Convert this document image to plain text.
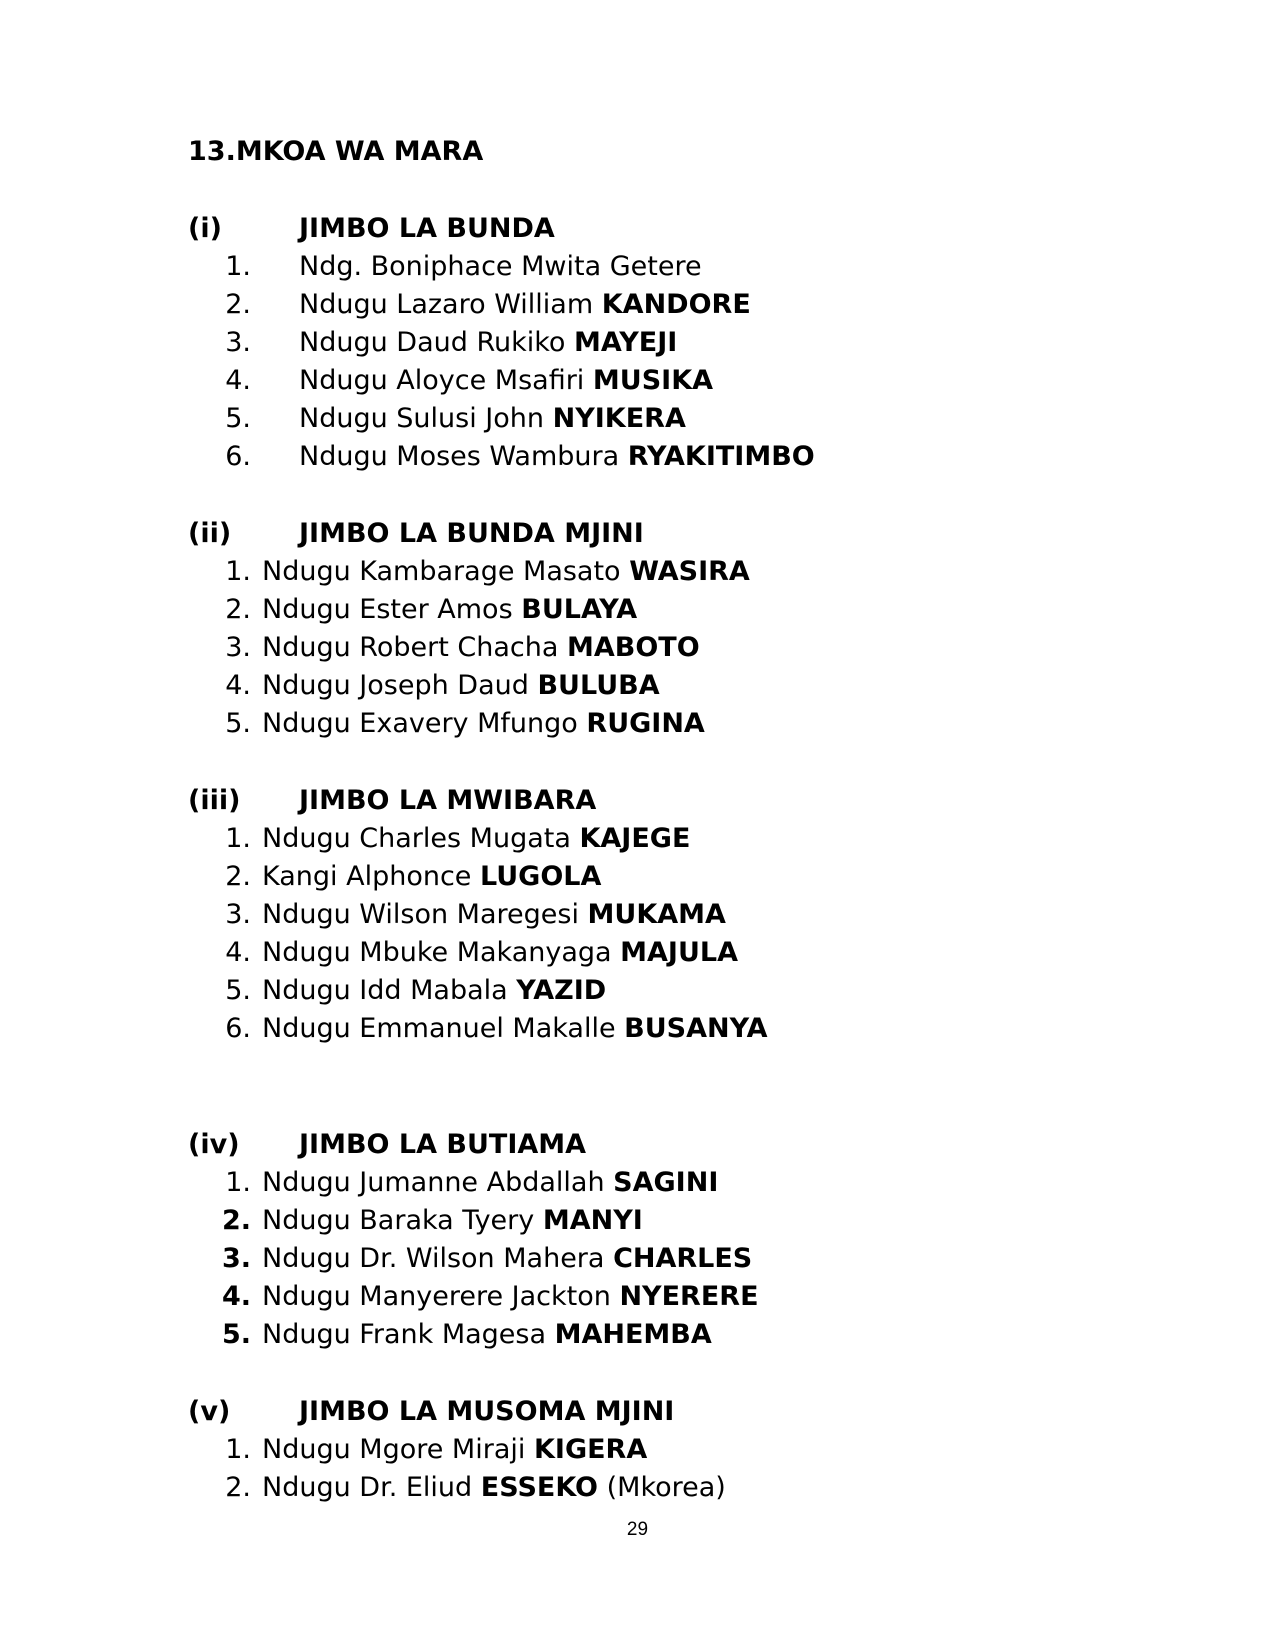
13.MKOA WA MARA
(i)	JIMBO LA BUNDA
1. Ndg. Boniphace Mwita Getere
2. Ndugu Lazaro William KANDORE
3. Ndugu Daud Rukiko MAYEJI
4. Ndugu Aloyce Msafiri MUSIKA
5. Ndugu Sulusi John NYIKERA
6. Ndugu Moses Wambura RYAKITIMBO
(ii)	JIMBO LA BUNDA MJINI
1. Ndugu Kambarage Masato WASIRA
2. Ndugu Ester Amos BULAYA
3. Ndugu Robert Chacha MABOTO
4. Ndugu Joseph Daud BULUBA
5. Ndugu Exavery Mfungo RUGINA
(iii) JIMBO LA MWIBARA
1. Ndugu Charles Mugata KAJEGE
2. Kangi Alphonce LUGOLA
3. Ndugu Wilson Maregesi MUKAMA
4. Ndugu Mbuke Makanyaga MAJULA
5. Ndugu Idd Mabala YAZID
6. Ndugu Emmanuel Makalle BUSANYA
(iv) JIMBO LA BUTIAMA
1. Ndugu Jumanne Abdallah SAGINI
2. Ndugu Baraka Tyery MANYI
3. Ndugu Dr. Wilson Mahera CHARLES
4. Ndugu Manyerere Jackton NYERERE
5. Ndugu Frank Magesa MAHEMBA
(v)	JIMBO LA MUSOMA MJINI
1. Ndugu Mgore Miraji KIGERA
2. Ndugu Dr. Eliud ESSEKO (Mkorea)

29
